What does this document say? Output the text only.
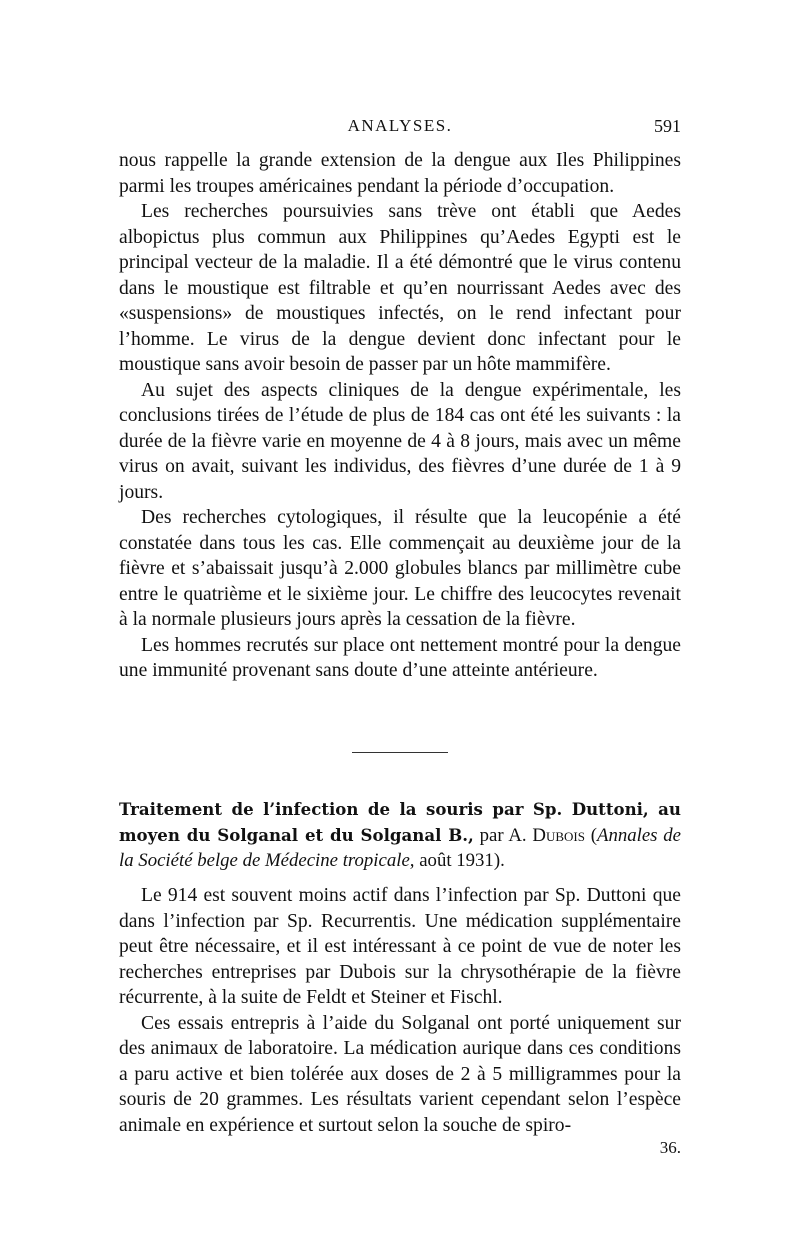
ANALYSES.	591

nous rappelle la grande extension de la dengue aux Iles Philippines parmi les troupes américaines pendant la période d’occupation.

Les recherches poursuivies sans trève ont établi que Aedes albopictus plus commun aux Philippines qu’Aedes Egypti est le principal vecteur de la maladie. Il a été démontré que le virus contenu dans le moustique est filtrable et qu’en nourrissant Aedes avec des «suspensions» de moustiques infectés, on le rend infectant pour l’homme. Le virus de la dengue devient donc infectant pour le moustique sans avoir besoin de passer par un hôte mammifère.

Au sujet des aspects cliniques de la dengue expérimentale, les conclusions tirées de l’étude de plus de 184 cas ont été les suivants : la durée de la fièvre varie en moyenne de 4 à 8 jours, mais avec un même virus on avait, suivant les individus, des fièvres d’une durée de 1 à 9 jours.

Des recherches cytologiques, il résulte que la leucopénie a été constatée dans tous les cas. Elle commençait au deuxième jour de la fièvre et s’abaissait jusqu’à 2.000 globules blancs par millimètre cube entre le quatrième et le sixième jour. Le chiffre des leucocytes revenait à la normale plusieurs jours après la cessation de la fièvre.

Les hommes recrutés sur place ont nettement montré pour la dengue une immunité provenant sans doute d’une atteinte antérieure.

Traitement de l’infection de la souris par Sp. Duttoni, au moyen du Solganal et du Solganal B., par A. Dubois (Annales de la Société belge de Médecine tropicale, août 1931).

Le 914 est souvent moins actif dans l’infection par Sp. Duttoni que dans l’infection par Sp. Recurrentis. Une médication supplémentaire peut être nécessaire, et il est intéressant à ce point de vue de noter les recherches entreprises par Dubois sur la chrysothérapie de la fièvre récurrente, à la suite de Feldt et Steiner et Fischl.

Ces essais entrepris à l’aide du Solganal ont porté uniquement sur des animaux de laboratoire. La médication aurique dans ces conditions a paru active et bien tolérée aux doses de 2 à 5 milligrammes pour la souris de 20 grammes. Les résultats varient cependant selon l’espèce animale en expérience et surtout selon la souche de spiro-

36.
